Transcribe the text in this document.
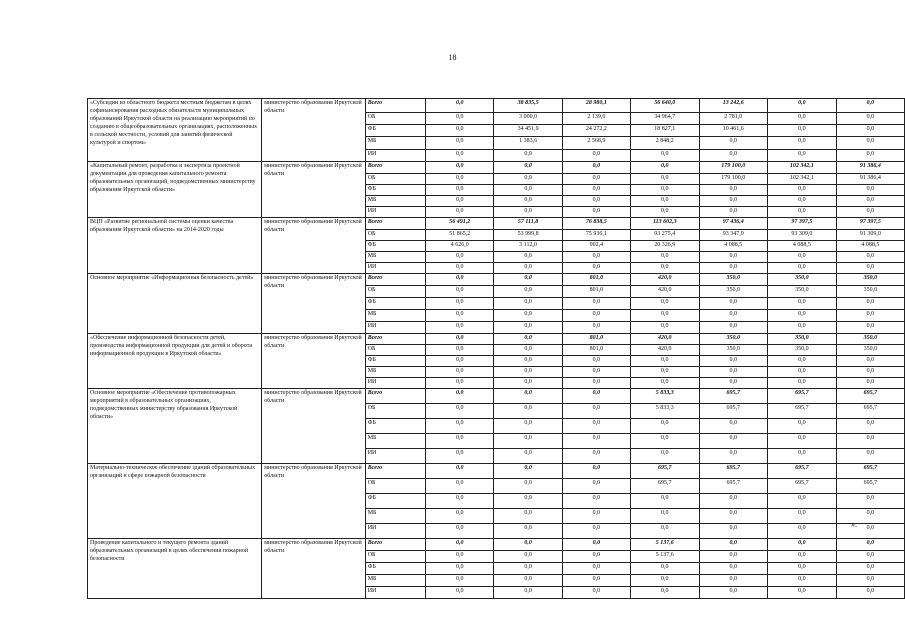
18
«Субсидии из областного бюджета местным бюджетам в целях софинансирования расходных обязательств муниципальных образований Иркутской области на реализацию мероприятий по созданию в общеобразовательных организациях, расположенных в сельской местности, условий для занятий физической культурой и спортом»	министерство образования Иркутской области	Всего	0,0	38 835,5	28 980,1	56 640,0	13 242,6	0,0	0,0
		ОБ	0,0	3 000,0	2 139,0	34 964,7	2 781,0	0,0	0,0
		ФБ	0,0	34 451,9	24 272,2	18 827,1	10 461,6	0,0	0,0
		МБ	0,0	1 383,6	2 568,9	2 848,2	0,0	0,0	0,0
		ИИ	0,0	0,0	0,0	0,0	0,0	0,0	0,0
«Капитальный ремонт, разработка и экспертиза проектной документации для проведения капитального ремонта образовательных организаций, подведомственных министерству образования Иркутской области»	министерство образования Иркутской области	Всего	0,0	0,0	0,0	0,0	179 100,0	102 342,1	91 386,4
		ОБ	0,0	0,0	0,0	0,0	179 100,0	102 342,1	91 386,4
		ФБ	0,0	0,0	0,0	0,0	0,0	0,0	0,0
		МБ	0,0	0,0	0,0	0,0	0,0	0,0	0,0
		ИИ	0,0	0,0	0,0	0,0	0,0	0,0	0,0
ВЦП «Развитие региональной системы оценки качества образования Иркутской области» на 2014-2020 годы	министерство образования Иркутской области	Всего	56 491,2	57 111,8	76 838,5	113 602,3	97 436,4	97 397,5	97 397,5
		ОБ	51 865,2	53 999,8	75 936,1	93 275,4	93 347,9	93 309,0	91 309,0
		ФБ	4 626,0	3 112,0	902,4	20 326,9	4 088,5	4 088,5	4 088,5
		МБ	0,0	0,0	0,0	0,0	0,0	0,0	0,0
		ИИ	0,0	0,0	0,0	0,0	0,0	0,0	0,0
Основное мероприятие «Информационная безопасность детей»	министерство образования Иркутской области	Всего	0,0	0,0	801,0	420,0	350,0	350,0	350,0
		ОБ	0,0	0,0	801,0	420,0	350,0	350,0	350,0
		ФБ	0,0	0,0	0,0	0,0	0,0	0,0	0,0
		МБ	0,0	0,0	0,0	0,0	0,0	0,0	0,0
		ИИ	0,0	0,0	0,0	0,0	0,0	0,0	0,0
«Обеспечение информационной безопасности детей, производства информационной продукции для детей и оборота информационной продукции в Иркутской области»	министерство образования Иркутской области	Всего	0,0	0,0	801,0	420,0	350,0	350,0	350,0
		ОБ	0,0	0,0	801,0	420,0	350,0	350,0	350,0
		ФБ	0,0	0,0	0,0	0,0	0,0	0,0	0,0
		МБ	0,0	0,0	0,0	0,0	0,0	0,0	0,0
		ИИ	0,0	0,0	0,0	0,0	0,0	0,0	0,0
Основное мероприятие «Обеспечение противопожарных мероприятий в образовательных организациях, подведомственных министерству образования Иркутской области»	министерство образования Иркутской области	Всего	0,0	0,0	0,0	5 833,3	695,7	695,7	695,7
		ОБ	0,0	0,0	0,0	5 833,3	695,7	695,7	695,7
		ФБ	0,0	0,0	0,0	0,0	0,0	0,0	0,0
		МБ	0,0	0,0	0,0	0,0	0,0	0,0	0,0
		ИИ	0,0	0,0	0,0	0,0	0,0	0,0	0,0
Материально-техническое обеспечение зданий образовательных организаций в сфере пожарной безопасности	министерство образования Иркутской области	Всего	0,0	0,0	0,0	695,7	695,7	695,7	695,7
		ОБ	0,0	0,0	0,0	695,7	695,7	695,7	695,7
		ФБ	0,0	0,0	0,0	0,0	0,0	0,0	0,0
		МБ	0,0	0,0	0,0	0,0	0,0	0,0	0,0
		ИИ	0,0	0,0	0,0	0,0	0,0	0,0	0,0
Проведение капитального и текущего ремонта зданий образовательных организаций в целях обеспечения пожарной безопасности	министерство образования Иркутской области	Всего	0,0	0,0	0,0	5 137,6	0,0	0,0	0,0
		ОБ	0,0	0,0	0,0	5 137,6	0,0	0,0	0,0
		ФБ	0,0	0,0	0,0	0,0	0,0	0,0	0,0
		МБ	0,0	0,0	0,0	0,0	0,0	0,0	0,0
		ИИ	0,0	0,0	0,0	0,0	0,0	0,0	0,0
».
